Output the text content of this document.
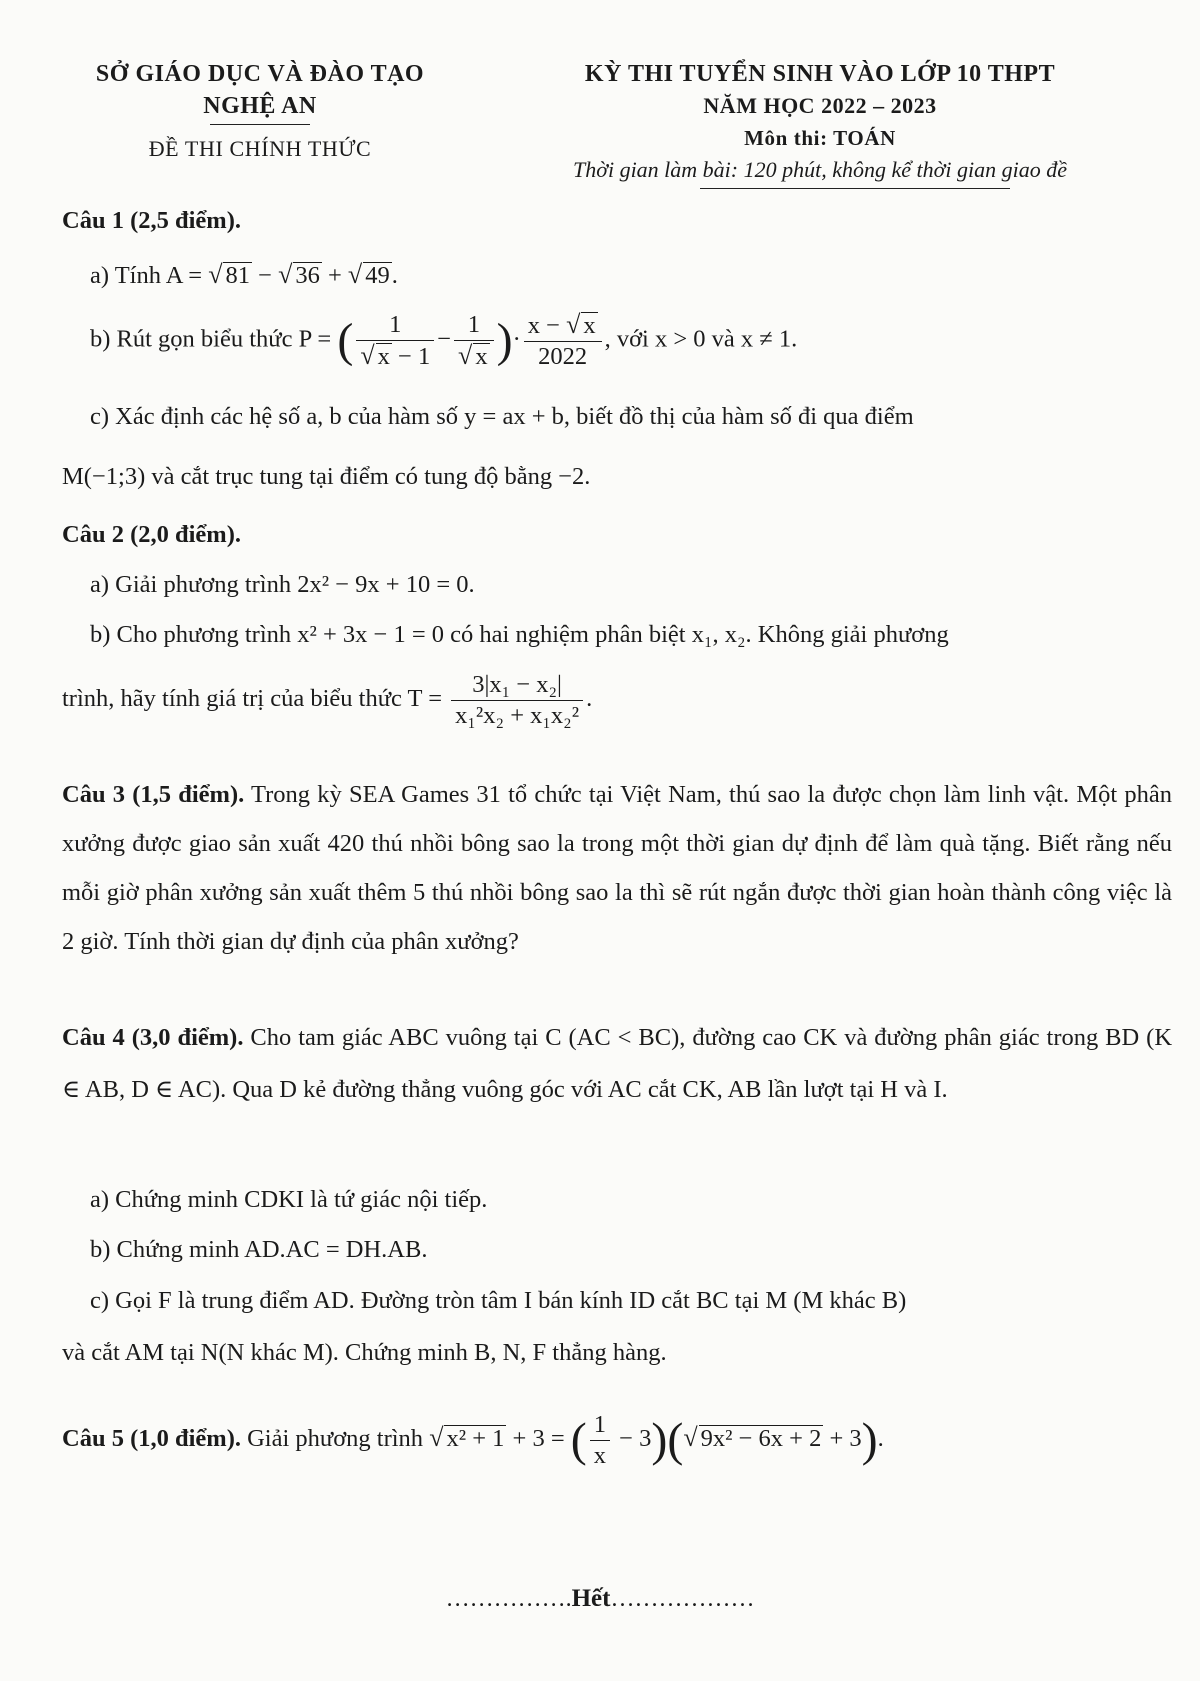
SỞ GIÁO DỤC VÀ ĐÀO TẠO
NGHỆ AN
ĐỀ THI CHÍNH THỨC
KỲ THI TUYỂN SINH VÀO LỚP 10 THPT
NĂM HỌC 2022 – 2023
Môn thi: TOÁN
Thời gian làm bài: 120 phút, không kể thời gian giao đề
Câu 1 (2,5 điểm).
a) Tính A = √ 81 − √ 36 + √ 49.
b) Rút gọn biểu thức P = ( 1
√ x − 1 − 1
√ x )· $\frac{x - √ x}{2022}$ , với x > 0 và x ≠ 1.
c) Xác định các hệ số a, b của hàm số y = ax + b, biết đồ thị của hàm số đi qua điểm
M(−1;3) và cắt trục tung tại điểm có tung độ bằng −2.
Câu 2 (2,0 điểm).
a) Giải phương trình 2x² − 9x + 10 = 0.
b) Cho phương trình x² + 3x − 1 = 0 có hai nghiệm phân biệt x₁, x₂. Không giải phương
trình, hãy tính giá trị của biểu thức $T = \frac{\text{3|x₁ − x₂|}}{\text{x₁²x₂ + x₁x₂²}}$ .
Câu 3 (1,5 điểm). Trong kỳ SEA Games 31 tổ chức tại Việt Nam, thú sao la được chọn làm linh vật. Một phân xưởng được giao sản xuất 420 thú nhồi bông sao la trong một thời gian dự định để làm quà tặng. Biết rằng nếu mỗi giờ phân xưởng sản xuất thêm 5 thú nhồi bông sao la thì sẽ rút ngắn được thời gian hoàn thành công việc là 2 giờ. Tính thời gian dự định của phân xưởng?
Câu 4 (3,0 điểm). Cho tam giác ABC vuông tại C (AC < BC), đường cao CK và đường phân giác trong BD (K ∈ AB, D ∈ AC). Qua D kẻ đường thẳng vuông góc với AC cắt CK, AB lần lượt tại H và I.
a) Chứng minh CDKI là tứ giác nội tiếp.
b) Chứng minh AD.AC = DH.AB.
c) Gọi F là trung điểm AD. Đường tròn tâm I bán kính ID cắt BC tại M (M khác B)
và cắt AM tại N(N khác M). Chứng minh B, N, F thẳng hàng.
Câu 5 (1,0 điểm). Giải phương trình √ x² + 1 + 3 = ( $\frac{1}{x} - 3)(√$ 9x² − 6x + 2 + 3).
…………….Hết………………
